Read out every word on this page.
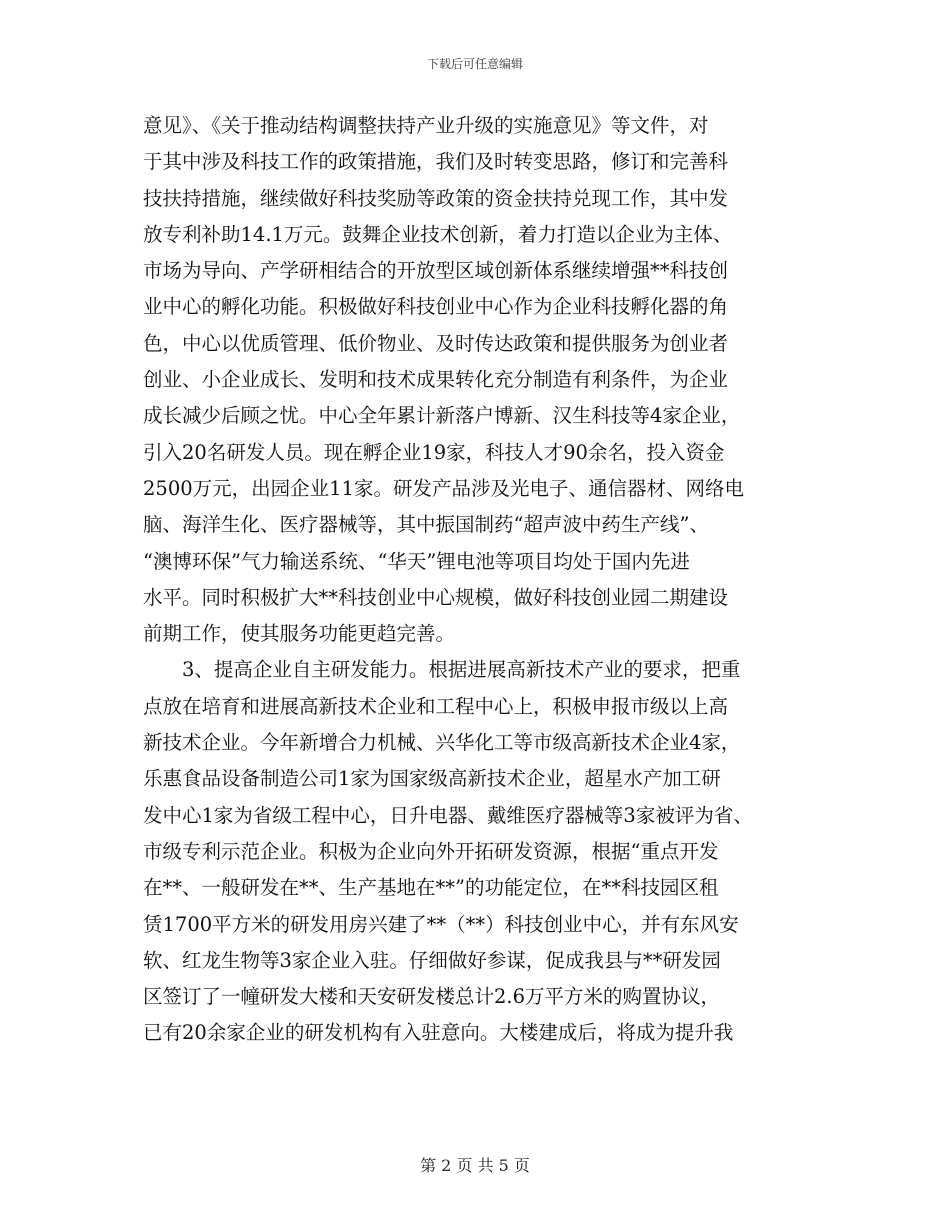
下载后可任意编辑
意见》、《关于推动结构调整扶持产业升级的实施意见》等文件，对
于其中涉及科技工作的政策措施，我们及时转变思路，修订和完善科
技扶持措施，继续做好科技奖励等政策的资金扶持兑现工作，其中发
放专利补助14.1万元。鼓舞企业技术创新，着力打造以企业为主体、
市场为导向、产学研相结合的开放型区域创新体系继续增强**科技创
业中心的孵化功能。积极做好科技创业中心作为企业科技孵化器的角
色，中心以优质管理、低价物业、及时传达政策和提供服务为创业者
创业、小企业成长、发明和技术成果转化充分制造有利条件，为企业
成长减少后顾之忧。中心全年累计新落户博新、汉生科技等4家企业，
引入20名研发人员。现在孵企业19家，科技人才90余名，投入资金
2500万元，出园企业11家。研发产品涉及光电子、通信器材、网络电
脑、海洋生化、医疗器械等，其中振国制药“超声波中药生产线”、
“澳博环保”气力输送系统、“华天”锂电池等项目均处于国内先进
水平。同时积极扩大**科技创业中心规模，做好科技创业园二期建设
前期工作，使其服务功能更趋完善。
3、提高企业自主研发能力。根据进展高新技术产业的要求，把重
点放在培育和进展高新技术企业和工程中心上，积极申报市级以上高
新技术企业。今年新增合力机械、兴华化工等市级高新技术企业4家，
乐惠食品设备制造公司1家为国家级高新技术企业，超星水产加工研
发中心1家为省级工程中心，日升电器、戴维医疗器械等3家被评为省、
市级专利示范企业。积极为企业向外开拓研发资源，根据“重点开发
在**、一般研发在**、生产基地在**”的功能定位，在**科技园区租
赁1700平方米的研发用房兴建了**（**）科技创业中心，并有东风安
软、红龙生物等3家企业入驻。仔细做好参谋，促成我县与**研发园
区签订了一幢研发大楼和天安研发楼总计2.6万平方米的购置协议，
已有20余家企业的研发机构有入驻意向。大楼建成后，将成为提升我
第 2 页 共 5 页
